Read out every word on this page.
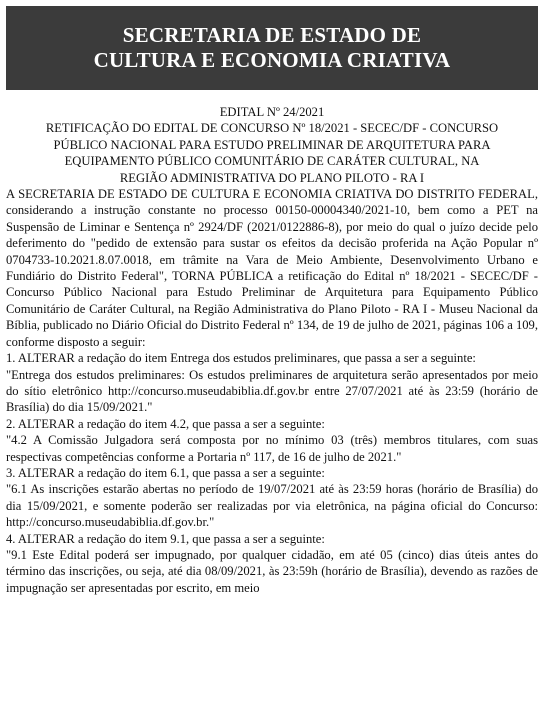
SECRETARIA DE ESTADO DE
CULTURA E ECONOMIA CRIATIVA
EDITAL Nº 24/2021
RETIFICAÇÃO DO EDITAL DE CONCURSO Nº 18/2021 - SECEC/DF - CONCURSO
PÚBLICO NACIONAL PARA ESTUDO PRELIMINAR DE ARQUITETURA PARA
EQUIPAMENTO PÚBLICO COMUNITÁRIO DE CARÁTER CULTURAL, NA
REGIÃO ADMINISTRATIVA DO PLANO PILOTO - RA I

A SECRETARIA DE ESTADO DE CULTURA E ECONOMIA CRIATIVA DO DISTRITO FEDERAL, considerando a instrução constante no processo 00150-00004340/2021-10, bem como a PET na Suspensão de Liminar e Sentença nº 2924/DF (2021/0122886-8), por meio do qual o juízo decide pelo deferimento do "pedido de extensão para sustar os efeitos da decisão proferida na Ação Popular nº 0704733-10.2021.8.07.0018, em trâmite na Vara de Meio Ambiente, Desenvolvimento Urbano e Fundiário do Distrito Federal", TORNA PÚBLICA a retificação do Edital nº 18/2021 - SECEC/DF - Concurso Público Nacional para Estudo Preliminar de Arquitetura para Equipamento Público Comunitário de Caráter Cultural, na Região Administrativa do Plano Piloto - RA I - Museu Nacional da Bíblia, publicado no Diário Oficial do Distrito Federal nº 134, de 19 de julho de 2021, páginas 106 a 109, conforme disposto a seguir:

1. ALTERAR a redação do item Entrega dos estudos preliminares, que passa a ser a seguinte:

"Entrega dos estudos preliminares: Os estudos preliminares de arquitetura serão apresentados por meio do sítio eletrônico http://concurso.museudabiblia.df.gov.br entre 27/07/2021 até às 23:59 (horário de Brasília) do dia 15/09/2021."

2. ALTERAR a redação do item 4.2, que passa a ser a seguinte:

"4.2 A Comissão Julgadora será composta por no mínimo 03 (três) membros titulares, com suas respectivas competências conforme a Portaria nº 117, de 16 de julho de 2021."

3. ALTERAR a redação do item 6.1, que passa a ser a seguinte:

"6.1 As inscrições estarão abertas no período de 19/07/2021 até às 23:59 horas (horário de Brasília) do dia 15/09/2021, e somente poderão ser realizadas por via eletrônica, na página oficial do Concurso: http://concurso.museudabiblia.df.gov.br."

4. ALTERAR a redação do item 9.1, que passa a ser a seguinte:

"9.1 Este Edital poderá ser impugnado, por qualquer cidadão, em até 05 (cinco) dias úteis antes do término das inscrições, ou seja, até dia 08/09/2021, às 23:59h (horário de Brasília), devendo as razões de impugnação ser apresentadas por escrito, em meio
